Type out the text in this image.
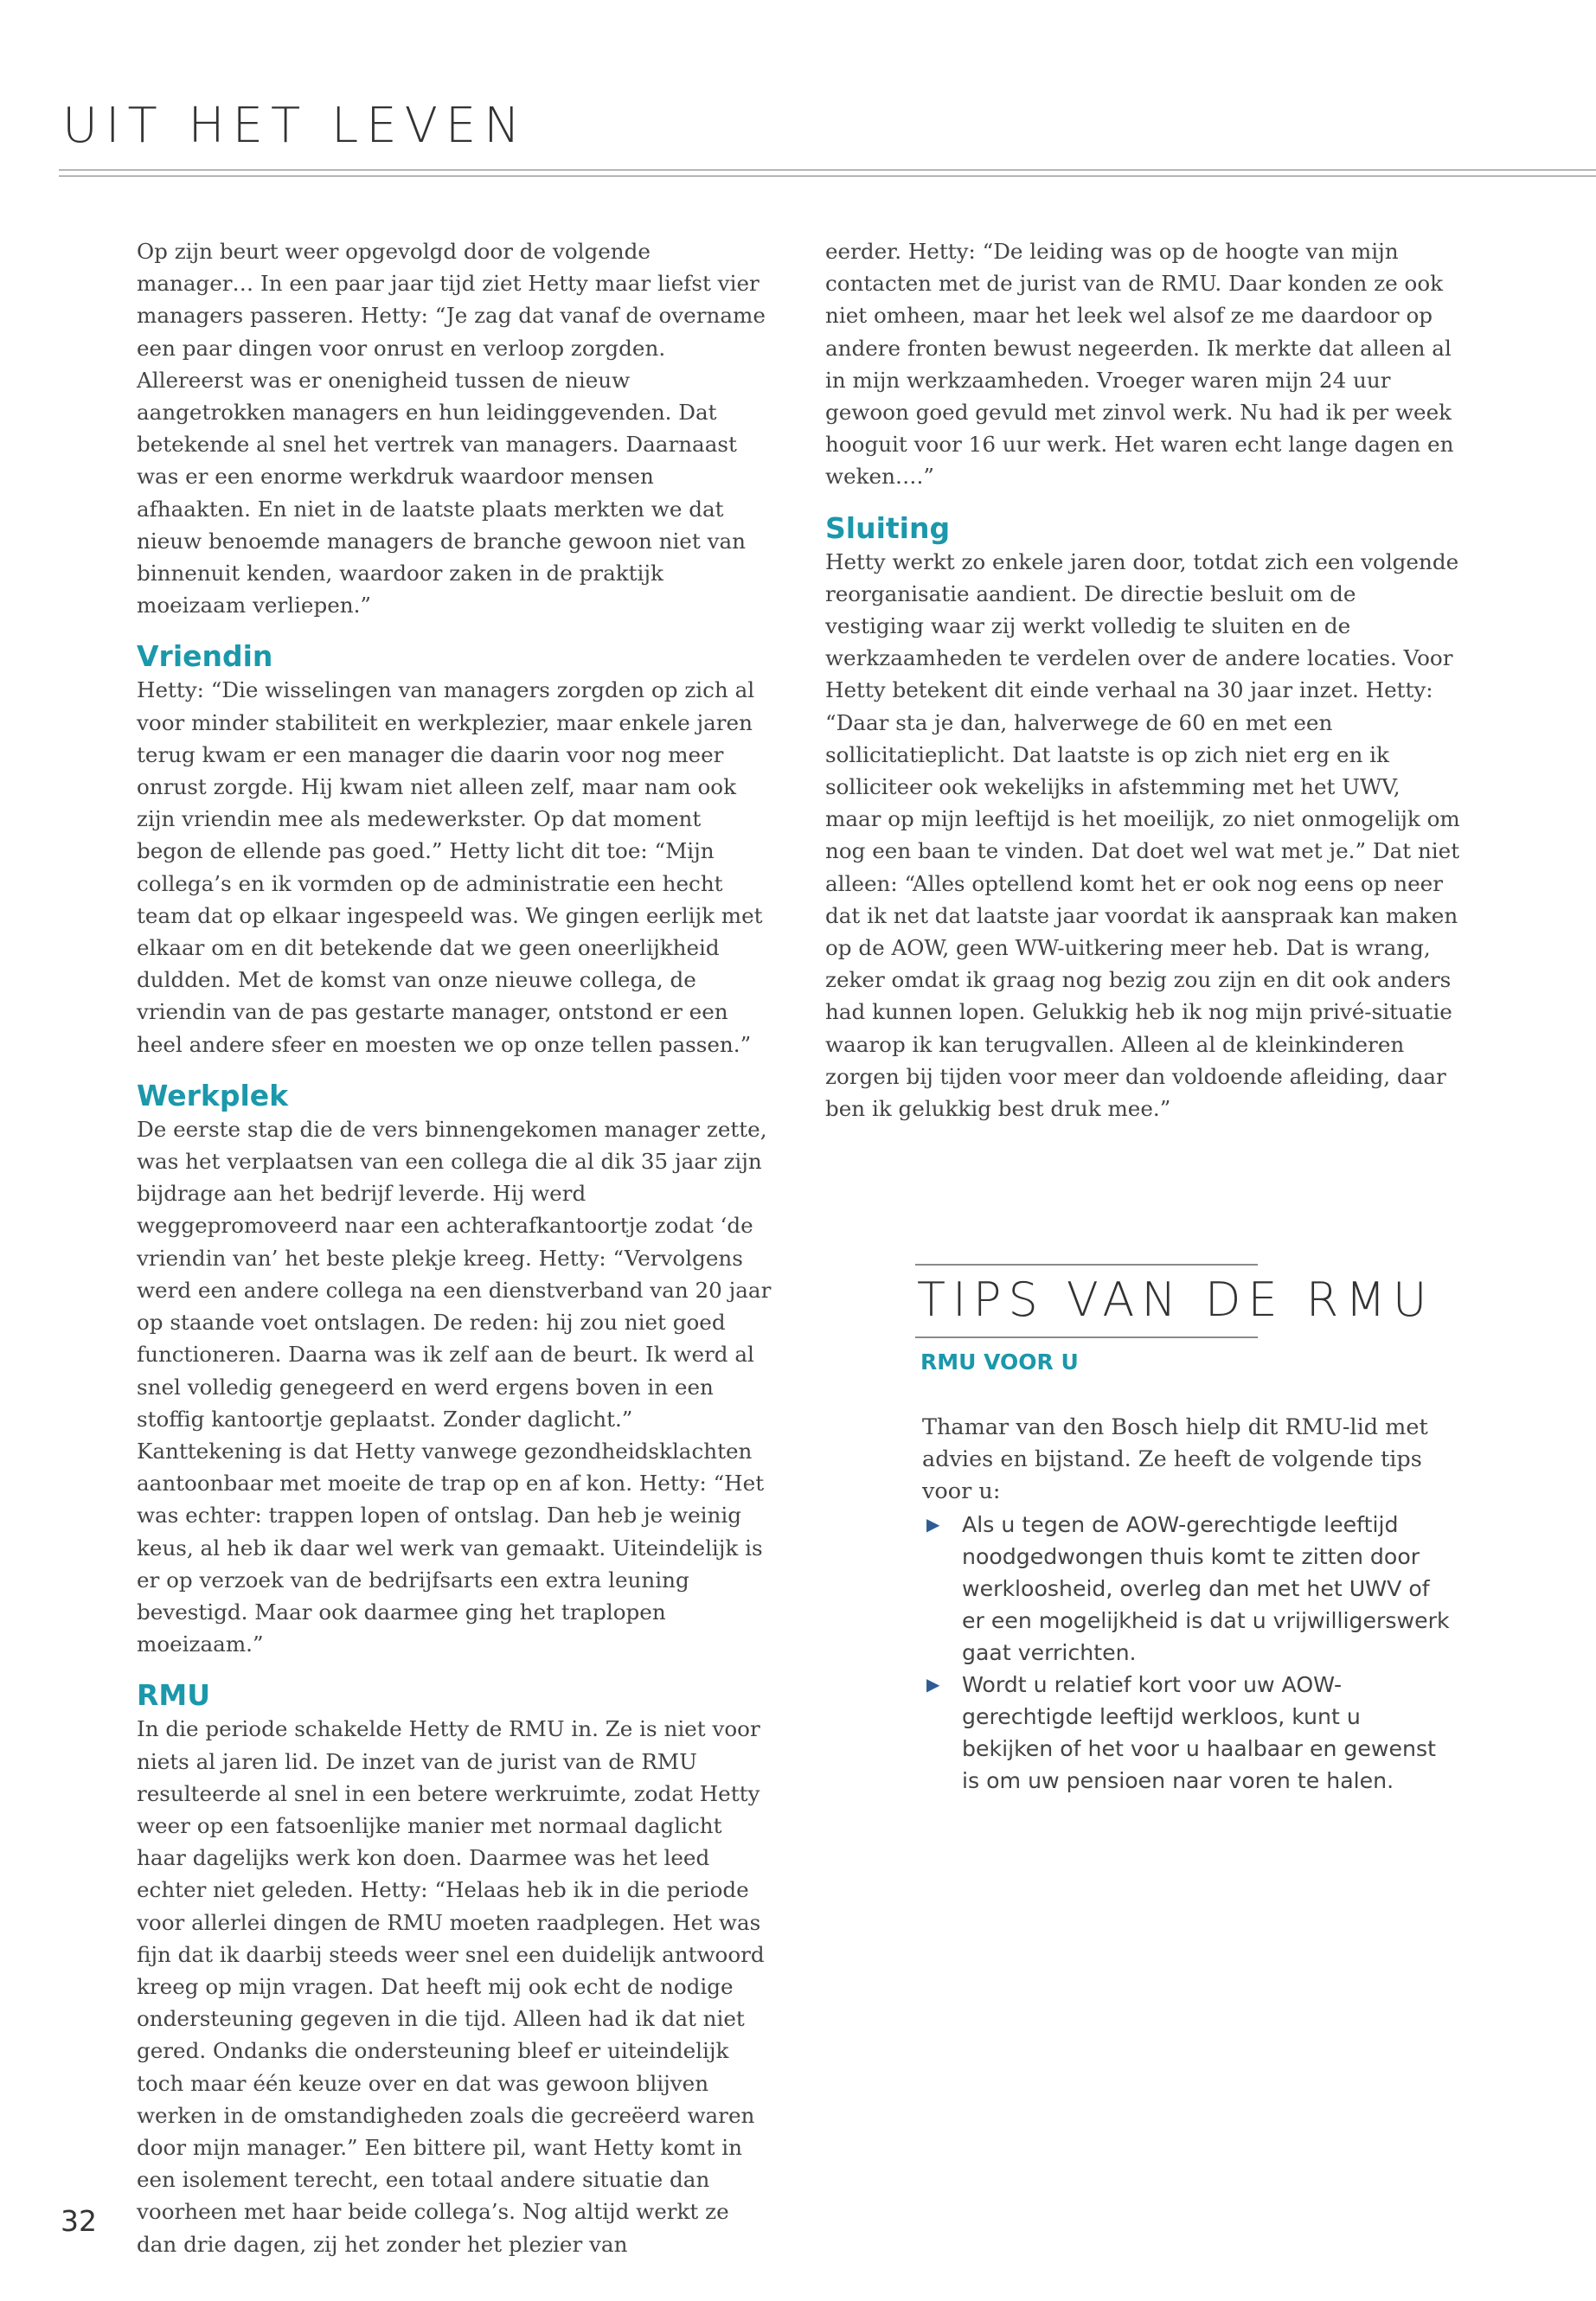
UIT HET LEVEN

Op zijn beurt weer opgevolgd door de volgende manager… In een paar jaar tijd ziet Hetty maar liefst vier managers passeren. Hetty: “Je zag dat vanaf de overname een paar dingen voor onrust en verloop zorgden. Allereerst was er onenigheid tussen de nieuw aangetrokken managers en hun leidinggevenden. Dat betekende al snel het vertrek van managers. Daarnaast was er een enorme werkdruk waardoor mensen afhaakten. En niet in de laatste plaats merkten we dat nieuw benoemde managers de branche gewoon niet van binnenuit kenden, waardoor zaken in de praktijk moeizaam verliepen.”

Vriendin

Hetty: “Die wisselingen van managers zorgden op zich al voor minder stabiliteit en werkplezier, maar enkele jaren terug kwam er een manager die daarin voor nog meer onrust zorgde. Hij kwam niet alleen zelf, maar nam ook zijn vriendin mee als medewerkster. Op dat moment begon de ellende pas goed.” Hetty licht dit toe: “Mijn collega’s en ik vormden op de administratie een hecht team dat op elkaar ingespeeld was. We gingen eerlijk met elkaar om en dit betekende dat we geen oneerlijkheid duldden. Met de komst van onze nieuwe collega, de vriendin van de pas gestarte manager, ontstond er een heel andere sfeer en moesten we op onze tellen passen.”

Werkplek

De eerste stap die de vers binnengekomen manager zette, was het verplaatsen van een collega die al dik 35 jaar zijn bijdrage aan het bedrijf leverde. Hij werd weggepromoveerd naar een achterafkantoortje zodat ‘de vriendin van’ het beste plekje kreeg. Hetty: “Vervolgens werd een andere collega na een dienstverband van 20 jaar op staande voet ontslagen. De reden: hij zou niet goed functioneren. Daarna was ik zelf aan de beurt. Ik werd al snel volledig genegeerd en werd ergens boven in een stoffig kantoortje geplaatst. Zonder daglicht.” Kanttekening is dat Hetty vanwege gezondheidsklachten aantoonbaar met moeite de trap op en af kon. Hetty: “Het was echter: trappen lopen of ontslag. Dan heb je weinig keus, al heb ik daar wel werk van gemaakt. Uiteindelijk is er op verzoek van de bedrijfsarts een extra leuning bevestigd. Maar ook daarmee ging het traplopen moeizaam.”

RMU

In die periode schakelde Hetty de RMU in. Ze is niet voor niets al jaren lid. De inzet van de jurist van de RMU resulteerde al snel in een betere werkruimte, zodat Hetty weer op een fatsoenlijke manier met normaal daglicht haar dagelijks werk kon doen. Daarmee was het leed echter niet geleden. Hetty: “Helaas heb ik in die periode voor allerlei dingen de RMU moeten raadplegen. Het was fijn dat ik daarbij steeds weer snel een duidelijk antwoord kreeg op mijn vragen. Dat heeft mij ook echt de nodige ondersteuning gegeven in die tijd. Alleen had ik dat niet gered. Ondanks die ondersteuning bleef er uiteindelijk toch maar één keuze over en dat was gewoon blijven werken in de omstandigheden zoals die gecreëerd waren door mijn manager.” Een bittere pil, want Hetty komt in een isolement terecht, een totaal andere situatie dan voorheen met haar beide collega’s. Nog altijd werkt ze dan drie dagen, zij het zonder het plezier van

eerder. Hetty: “De leiding was op de hoogte van mijn contacten met de jurist van de RMU. Daar konden ze ook niet omheen, maar het leek wel alsof ze me daardoor op andere fronten bewust negeerden. Ik merkte dat alleen al in mijn werkzaamheden. Vroeger waren mijn 24 uur gewoon goed gevuld met zinvol werk. Nu had ik per week hooguit voor 16 uur werk. Het waren echt lange dagen en weken….”

Sluiting

Hetty werkt zo enkele jaren door, totdat zich een volgende reorganisatie aandient. De directie besluit om de vestiging waar zij werkt volledig te sluiten en de werkzaamheden te verdelen over de andere locaties. Voor Hetty betekent dit einde verhaal na 30 jaar inzet. Hetty: “Daar sta je dan, halverwege de 60 en met een sollicitatieplicht. Dat laatste is op zich niet erg en ik solliciteer ook wekelijks in afstemming met het UWV, maar op mijn leeftijd is het moeilijk, zo niet onmogelijk om nog een baan te vinden. Dat doet wel wat met je.” Dat niet alleen: “Alles optellend komt het er ook nog eens op neer dat ik net dat laatste jaar voordat ik aanspraak kan maken op de AOW, geen WW-uitkering meer heb. Dat is wrang, zeker omdat ik graag nog bezig zou zijn en dit ook anders had kunnen lopen. Gelukkig heb ik nog mijn privé-situatie waarop ik kan terugvallen. Alleen al de kleinkinderen zorgen bij tijden voor meer dan voldoende afleiding, daar ben ik gelukkig best druk mee.”

TIPS VAN DE RMU
RMU VOOR U

Thamar van den Bosch hielp dit RMU-lid met advies en bijstand. Ze heeft de volgende tips voor u:

▶ Als u tegen de AOW-gerechtigde leeftijd noodgedwongen thuis komt te zitten door werkloosheid, overleg dan met het UWV of er een mogelijkheid is dat u vrijwilligerswerk gaat verrichten.
▶ Wordt u relatief kort voor uw AOW-gerechtigde leeftijd werkloos, kunt u bekijken of het voor u haalbaar en gewenst is om uw pensioen naar voren te halen.
32
